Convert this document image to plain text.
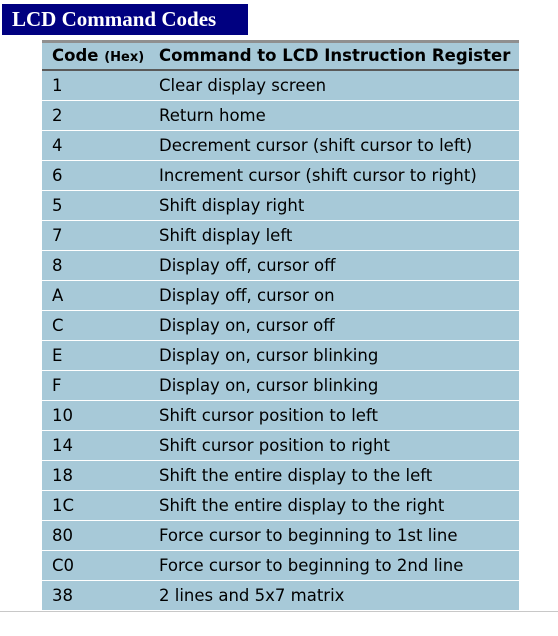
LCD Command Codes
Code (Hex) Command to LCD Instruction Register
1	Clear display screen
2	Return home
4	Decrement cursor (shift cursor to left)
6	Increment cursor (shift cursor to right)
5	Shift display right
7	Shift display left
8	Display off, cursor off
A	Display off, cursor on
C	Display on, cursor off
E	Display on, cursor blinking
F	Display on, cursor blinking
10	Shift cursor position to left
14	Shift cursor position to right
18	Shift the entire display to the left
1C	Shift the entire display to the right
80	Force cursor to beginning to 1st line
C0	Force cursor to beginning to 2nd line
38	2 lines and 5x7 matrix
